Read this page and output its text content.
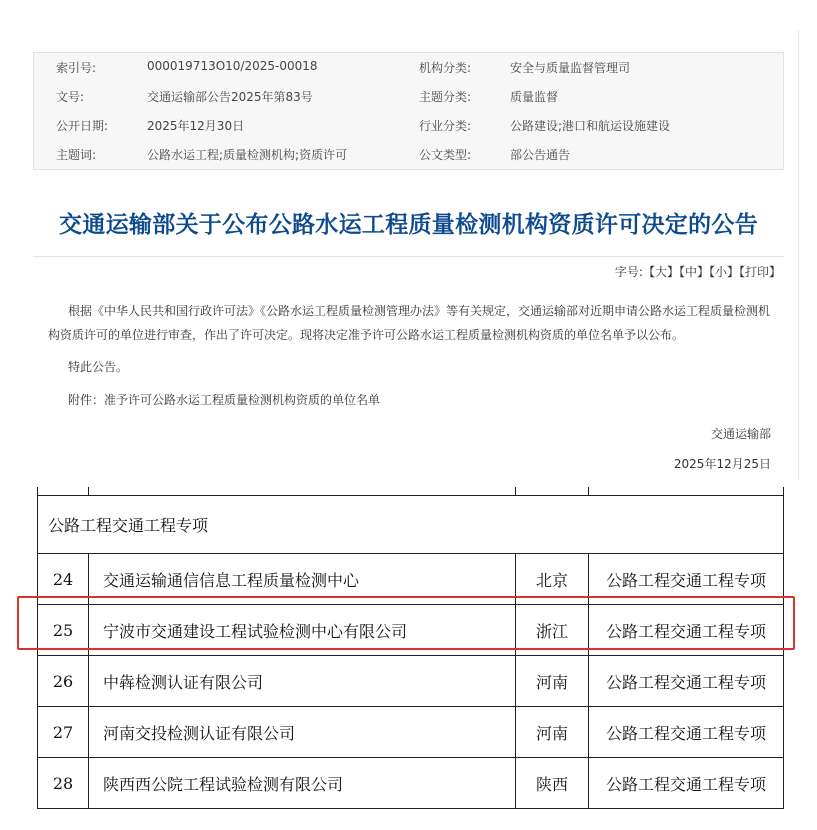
索引号:	000019713O10/2025-00018	机构分类:	安全与质量监督管理司
文号:	交通运输部公告2025年第83号	主题分类:	质量监督
公开日期:	2025年12月30日	行业分类:	公路建设;港口和航运设施建设
主题词:	公路水运工程;质量检测机构;资质许可	公文类型:	部公告通告
交通运输部关于公布公路水运工程质量检测机构资质许可决定的公告
字号:【大】【中】【小】【打印】
根据《中华人民共和国行政许可法》《公路水运工程质量检测管理办法》等有关规定，交通运输部对近期申请公路水运工程质量检测机构资质许可的单位进行审查，作出了许可决定。现将决定准予许可公路水运工程质量检测机构资质的单位名单予以公布。
特此公告。
附件：准予许可公路水运工程质量检测机构资质的单位名单
交通运输部
2025年12月25日

公路工程交通工程专项			
24	交通运输通信信息工程质量检测中心	北京	公路工程交通工程专项
25	宁波市交通建设工程试验检测中心有限公司	浙江	公路工程交通工程专项
26	中犇检测认证有限公司	河南	公路工程交通工程专项
27	河南交投检测认证有限公司	河南	公路工程交通工程专项
28	陕西西公院工程试验检测有限公司	陕西	公路工程交通工程专项
